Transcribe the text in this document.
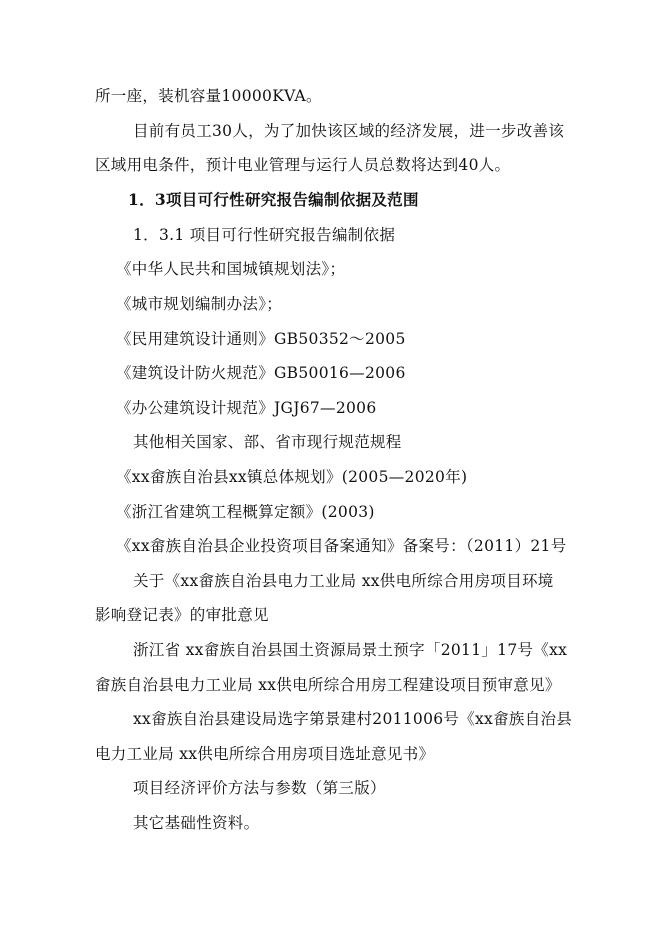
所一座，装机容量10000KVA。
目前有员工30人，为了加快该区域的经济发展，进一步改善该
区域用电条件，预计电业管理与运行人员总数将达到40人。
1．3项目可行性研究报告编制依据及范围
1．3.1 项目可行性研究报告编制依据
《中华人民共和国城镇规划法》；
《城市规划编制办法》；
《民用建筑设计通则》GB50352～2005
《建筑设计防火规范》GB50016—2006
《办公建筑设计规范》JGJ67—2006
其他相关国家、部、省市现行规范规程
《xx畲族自治县xx镇总体规划》(2005—2020年)
《浙江省建筑工程概算定额》(2003)
《xx畲族自治县企业投资项目备案通知》备案号：（2011）21号
关于《xx畲族自治县电力工业局 xx供电所综合用房项目环境
影响登记表》的审批意见
浙江省 xx畲族自治县国土资源局景土预字「2011」17号《xx
畲族自治县电力工业局 xx供电所综合用房工程建设项目预审意见》
xx畲族自治县建设局选字第景建村2011006号《xx畲族自治县
电力工业局 xx供电所综合用房项目选址意见书》
项目经济评价方法与参数（第三版）
其它基础性资料。
